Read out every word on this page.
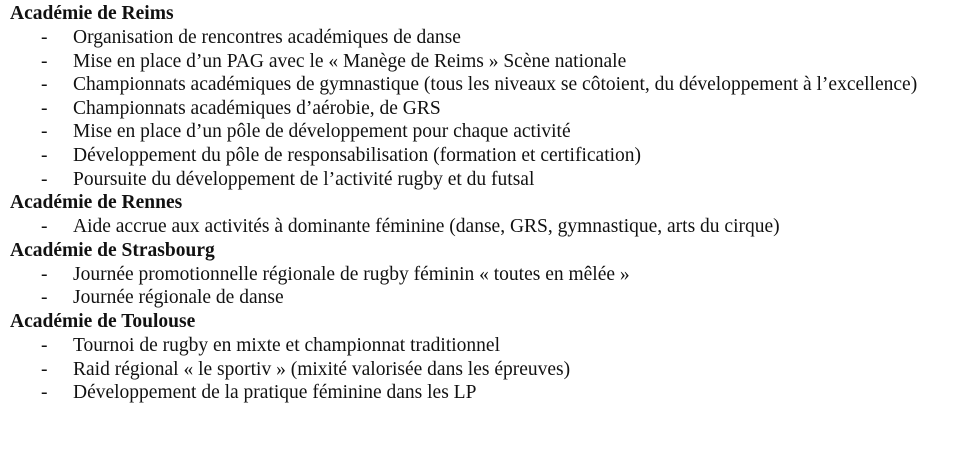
Académie de Reims
- Organisation de rencontres académiques de danse
- Mise en place d’un PAG avec le « Manège de Reims » Scène nationale
- Championnats académiques de gymnastique (tous les niveaux se côtoient, du développement à l’excellence)
- Championnats académiques d’aérobie, de GRS
- Mise en place d’un pôle de développement pour chaque activité
- Développement du pôle de responsabilisation (formation et certification)
- Poursuite du développement de l’activité rugby et du futsal
Académie de Rennes
- Aide accrue aux activités à dominante féminine (danse, GRS, gymnastique, arts du cirque)
Académie de Strasbourg
- Journée promotionnelle régionale de rugby féminin « toutes en mêlée »
- Journée régionale de danse
Académie de Toulouse
- Tournoi de rugby en mixte et championnat traditionnel
- Raid régional « le sportiv » (mixité valorisée dans les épreuves)
- Développement de la pratique féminine dans les LP
